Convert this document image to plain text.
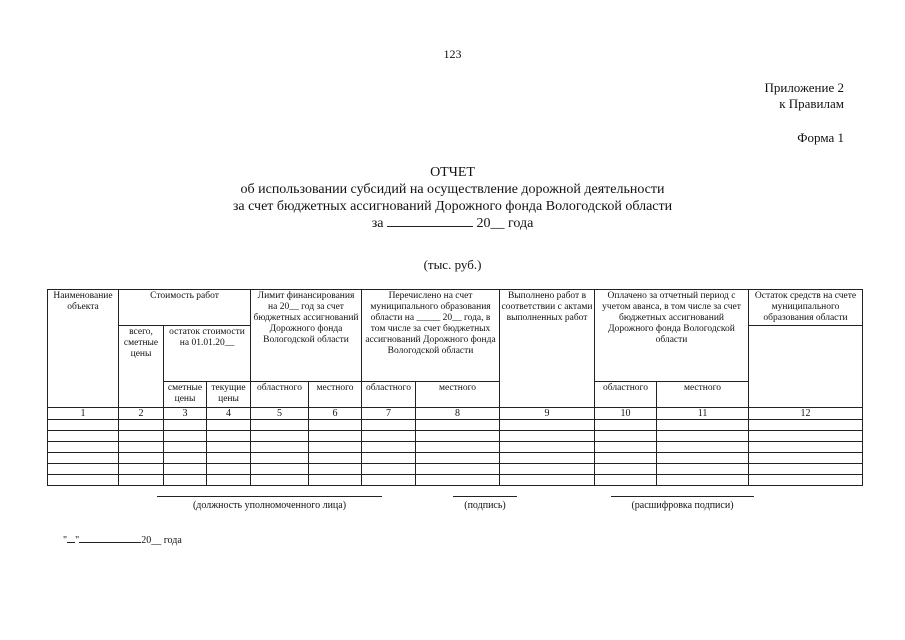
123
Приложение 2
к Правилам
Форма 1
ОТЧЕТ
об использовании субсидий на осуществление дорожной деятельности
за счет бюджетных ассигнований Дорожного фонда Вологодской области
за	20__ года
(тыс. руб.)
Наименование объекта	Стоимость работ			Лимит финансирования на 20__ год за счет бюджетных ассигнований Дорожного фонда Вологодской области		Перечислено на счет муниципального образования области на _____ 20__ года, в том числе за счет бюджетных ассигнований Дорожного фонда Вологодской области		Выполнено работ в соответствии с актами выполненных работ	Оплачено за отчетный период с учетом аванса, в том числе за счет бюджетных ассигнований Дорожного фонда Вологодской области		Остаток средств на счете муниципального образования области
	всего, сметные цены	остаток стоимости на 01.01.20__									
		сметные цены	текущие цены	областного	местного	областного	местного		областного	местного	
1	2	3	4	5	6	7	8	9	10	11	12

(должность уполномоченного лица)	(подпись)	(расшифровка подписи)
" "	20__ года
